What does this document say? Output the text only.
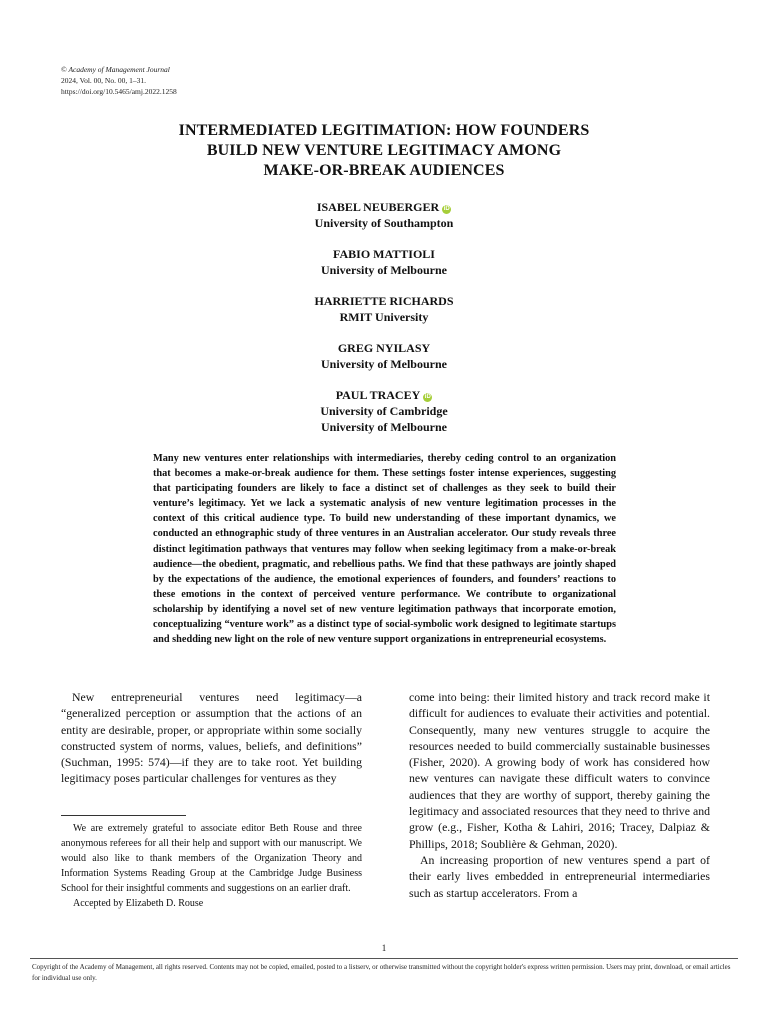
© Academy of Management Journal
2024, Vol. 00, No. 00, 1–31.
https://doi.org/10.5465/amj.2022.1258
INTERMEDIATED LEGITIMATION: HOW FOUNDERS
BUILD NEW VENTURE LEGITIMACY AMONG
MAKE-OR-BREAK AUDIENCES
ISABEL NEUBERGER iD
University of Southampton
FABIO MATTIOLI
University of Melbourne
HARRIETTE RICHARDS
RMIT University
GREG NYILASY
University of Melbourne
PAUL TRACEY iD
University of Cambridge
University of Melbourne
Many new ventures enter relationships with intermediaries, thereby ceding control to an organization that becomes a make-or-break audience for them. These settings foster intense experiences, suggesting that participating founders are likely to face a distinct set of challenges as they seek to build their venture’s legitimacy. Yet we lack a systematic analysis of new venture legitimation processes in the context of this critical audience type. To build new understanding of these important dynamics, we conducted an ethnographic study of three ventures in an Australian accelerator. Our study reveals three distinct legitimation pathways that ventures may follow when seeking legitimacy from a make-or-break audience—the obedient, pragmatic, and rebellious paths. We find that these pathways are jointly shaped by the expectations of the audience, the emotional experiences of founders, and founders’ reactions to these emotions in the context of perceived venture performance. We contribute to organizational scholarship by identifying a novel set of new venture legitimation pathways that incorporate emotion, conceptualizing “venture work” as a distinct type of social-symbolic work designed to legitimate startups and shedding new light on the role of new venture support organizations in entrepreneurial ecosystems.

New entrepreneurial ventures need legitimacy—a “generalized perception or assumption that the actions of an entity are desirable, proper, or appropriate within some socially constructed system of norms, values, beliefs, and definitions” (Suchman, 1995: 574)—if they are to take root. Yet building legitimacy poses particular challenges for ventures as they

We are extremely grateful to associate editor Beth Rouse and three anonymous referees for all their help and support with our manuscript. We would also like to thank members of the Organization Theory and Information Systems Reading Group at the Cambridge Judge Business School for their insightful comments and suggestions on an earlier draft.

Accepted by Elizabeth D. Rouse

come into being: their limited history and track record make it difficult for audiences to evaluate their activities and potential. Consequently, many new ventures struggle to acquire the resources needed to build commercially sustainable businesses (Fisher, 2020). A growing body of work has considered how new ventures can navigate these difficult waters to convince audiences that they are worthy of support, thereby gaining the legitimacy and associated resources that they need to thrive and grow (e.g., Fisher, Kotha & Lahiri, 2016; Tracey, Dalpiaz & Phillips, 2018; Soublière & Gehman, 2020).

An increasing proportion of new ventures spend a part of their early lives embedded in entrepreneurial intermediaries such as startup accelerators. From a

1
Copyright of the Academy of Management, all rights reserved. Contents may not be copied, emailed, posted to a listserv, or otherwise transmitted without the copyright holder's express written permission. Users may print, download, or email articles for individual use only.
